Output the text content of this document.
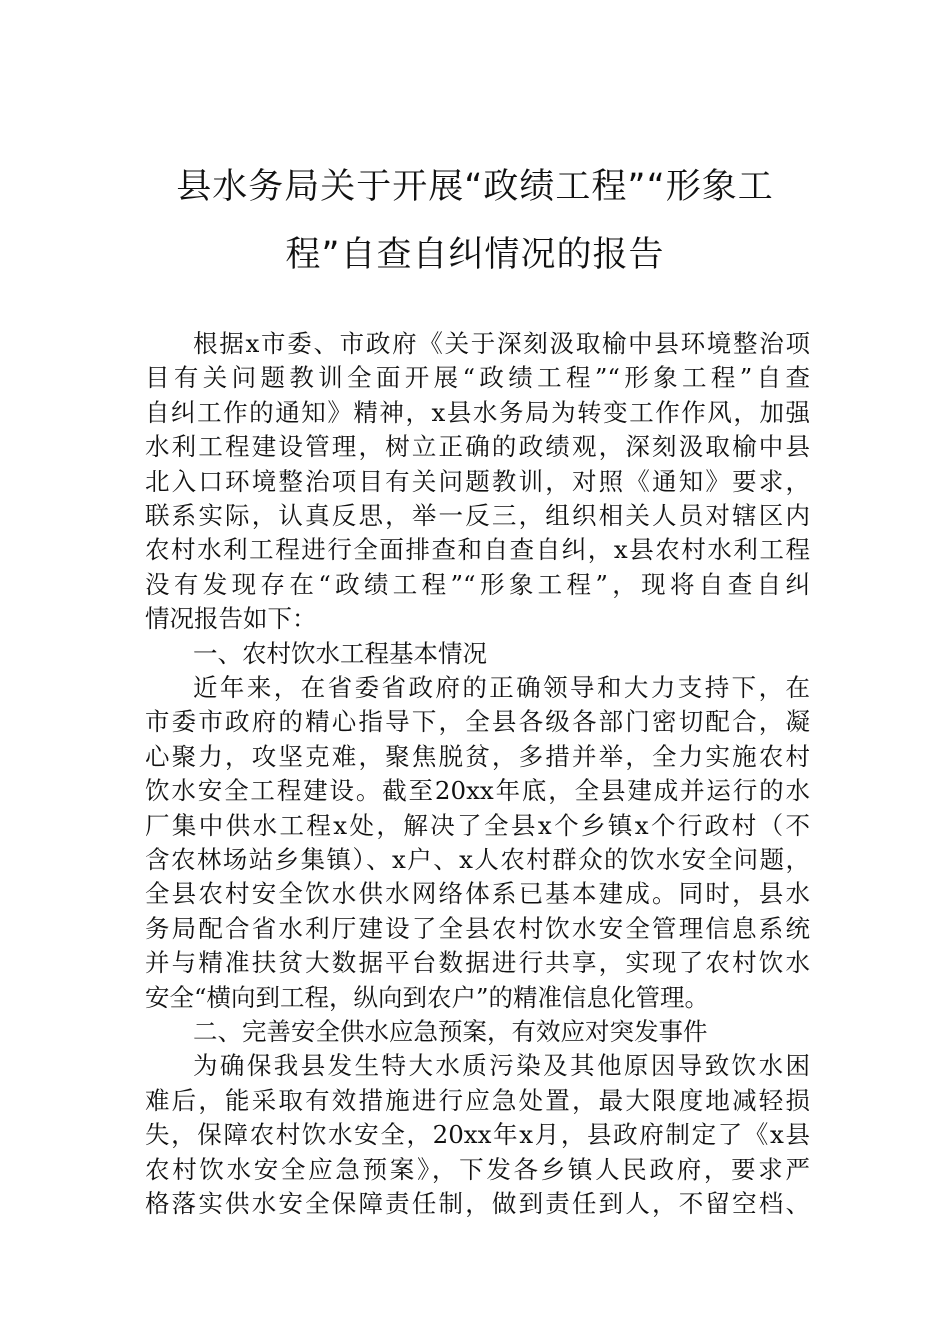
县水务局关于开展“政绩工程”“形象工
程”自查自纠情况的报告
根据x市委、市政府《关于深刻汲取榆中县环境整治项
目有关问题教训全面开展“政绩工程”“形象工程”自查
自纠工作的通知》精神，x县水务局为转变工作作风，加强
水利工程建设管理，树立正确的政绩观，深刻汲取榆中县
北入口环境整治项目有关问题教训，对照《通知》要求，
联系实际，认真反思，举一反三，组织相关人员对辖区内
农村水利工程进行全面排查和自查自纠，x县农村水利工程
没有发现存在“政绩工程”“形象工程”，现将自查自纠
情况报告如下：
一、农村饮水工程基本情况
近年来，在省委省政府的正确领导和大力支持下，在
市委市政府的精心指导下，全县各级各部门密切配合，凝
心聚力，攻坚克难，聚焦脱贫，多措并举，全力实施农村
饮水安全工程建设。截至20xx年底，全县建成并运行的水
厂集中供水工程x处，解决了全县x个乡镇x个行政村（不
含农林场站乡集镇）、x户、x人农村群众的饮水安全问题，
全县农村安全饮水供水网络体系已基本建成。同时，县水
务局配合省水利厅建设了全县农村饮水安全管理信息系统
并与精准扶贫大数据平台数据进行共享，实现了农村饮水
安全“横向到工程，纵向到农户”的精准信息化管理。
二、完善安全供水应急预案，有效应对突发事件
为确保我县发生特大水质污染及其他原因导致饮水困
难后，能采取有效措施进行应急处置，最大限度地减轻损
失，保障农村饮水安全，20xx年x月，县政府制定了《x县
农村饮水安全应急预案》，下发各乡镇人民政府，要求严
格落实供水安全保障责任制，做到责任到人，不留空档、
